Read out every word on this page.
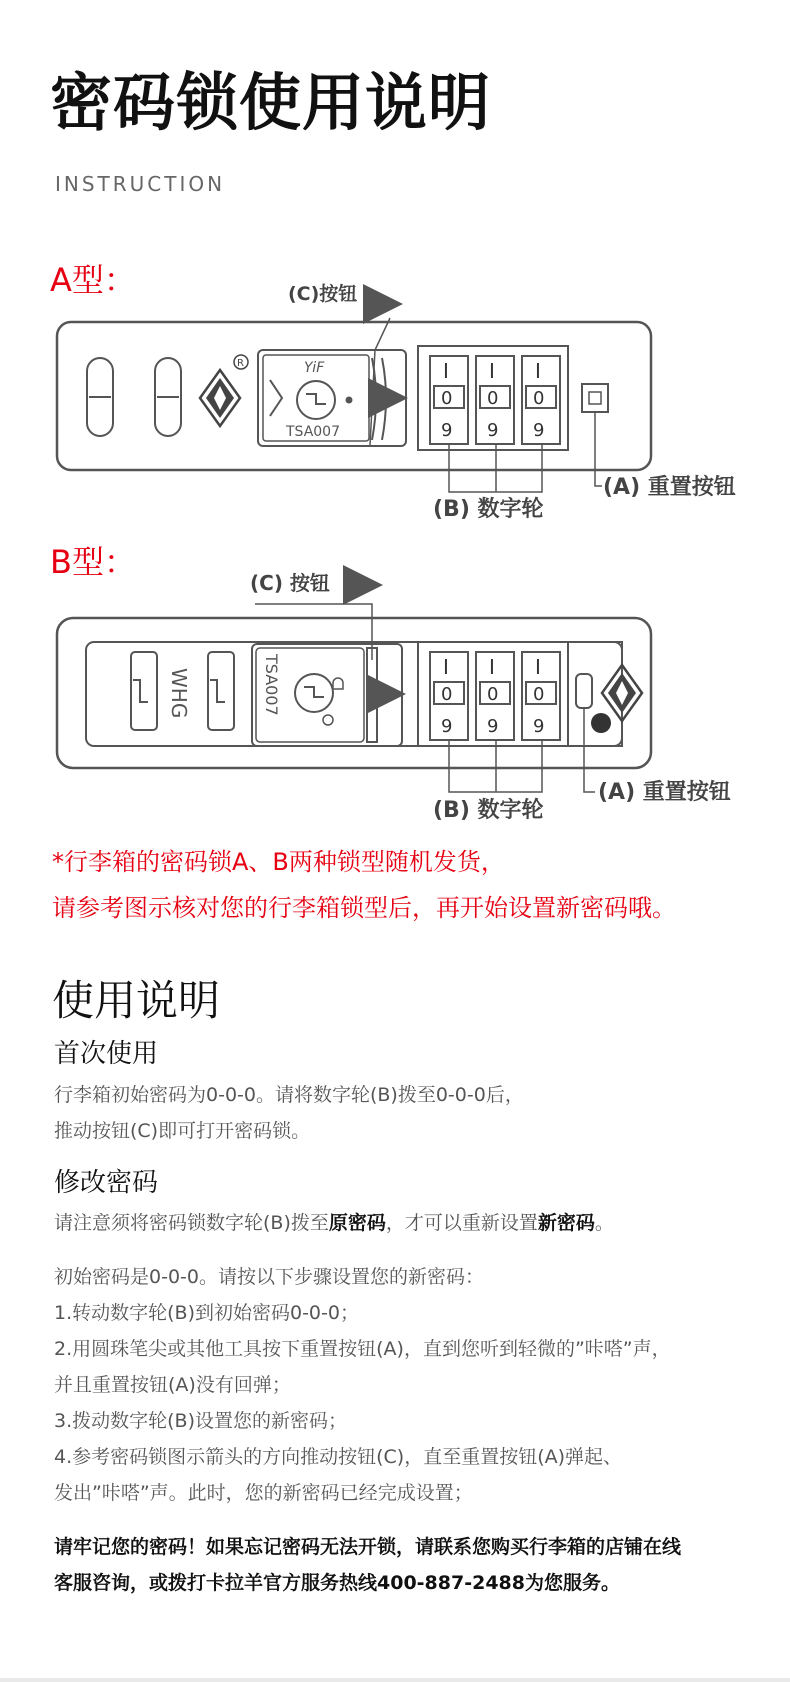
密码锁使用说明
INSTRUCTION
A型：	(C)按钮
R	YiF
TSA007
I
0
9
I
0
9
I
0
9
(B) 数字轮
(A) 重置按钮
B型：
(C) 按钮
WHG	TSA007	I
0
9
I
0
9
I
0
9
(B) 数字轮
(A) 重置按钮
*行李箱的密码锁A、B两种锁型随机发货，
请参考图示核对您的行李箱锁型后，再开始设置新密码哦。
使用说明
首次使用
行李箱初始密码为0-0-0。请将数字轮(B)拨至0-0-0后，
推动按钮(C)即可打开密码锁。
修改密码
请注意须将密码锁数字轮(B)拨至原密码，才可以重新设置新密码。
初始密码是0-0-0。请按以下步骤设置您的新密码：
1.转动数字轮(B)到初始密码0-0-0；
2.用圆珠笔尖或其他工具按下重置按钮(A)，直到您听到轻微的”咔嗒”声，
并且重置按钮(A)没有回弹；
3.拨动数字轮(B)设置您的新密码；
4.参考密码锁图示箭头的方向推动按钮(C)，直至重置按钮(A)弹起、
发出”咔嗒”声。此时，您的新密码已经完成设置；
请牢记您的密码！如果忘记密码无法开锁，请联系您购买行李箱的店铺在线
客服咨询，或拨打卡拉羊官方服务热线400-887-2488为您服务。
